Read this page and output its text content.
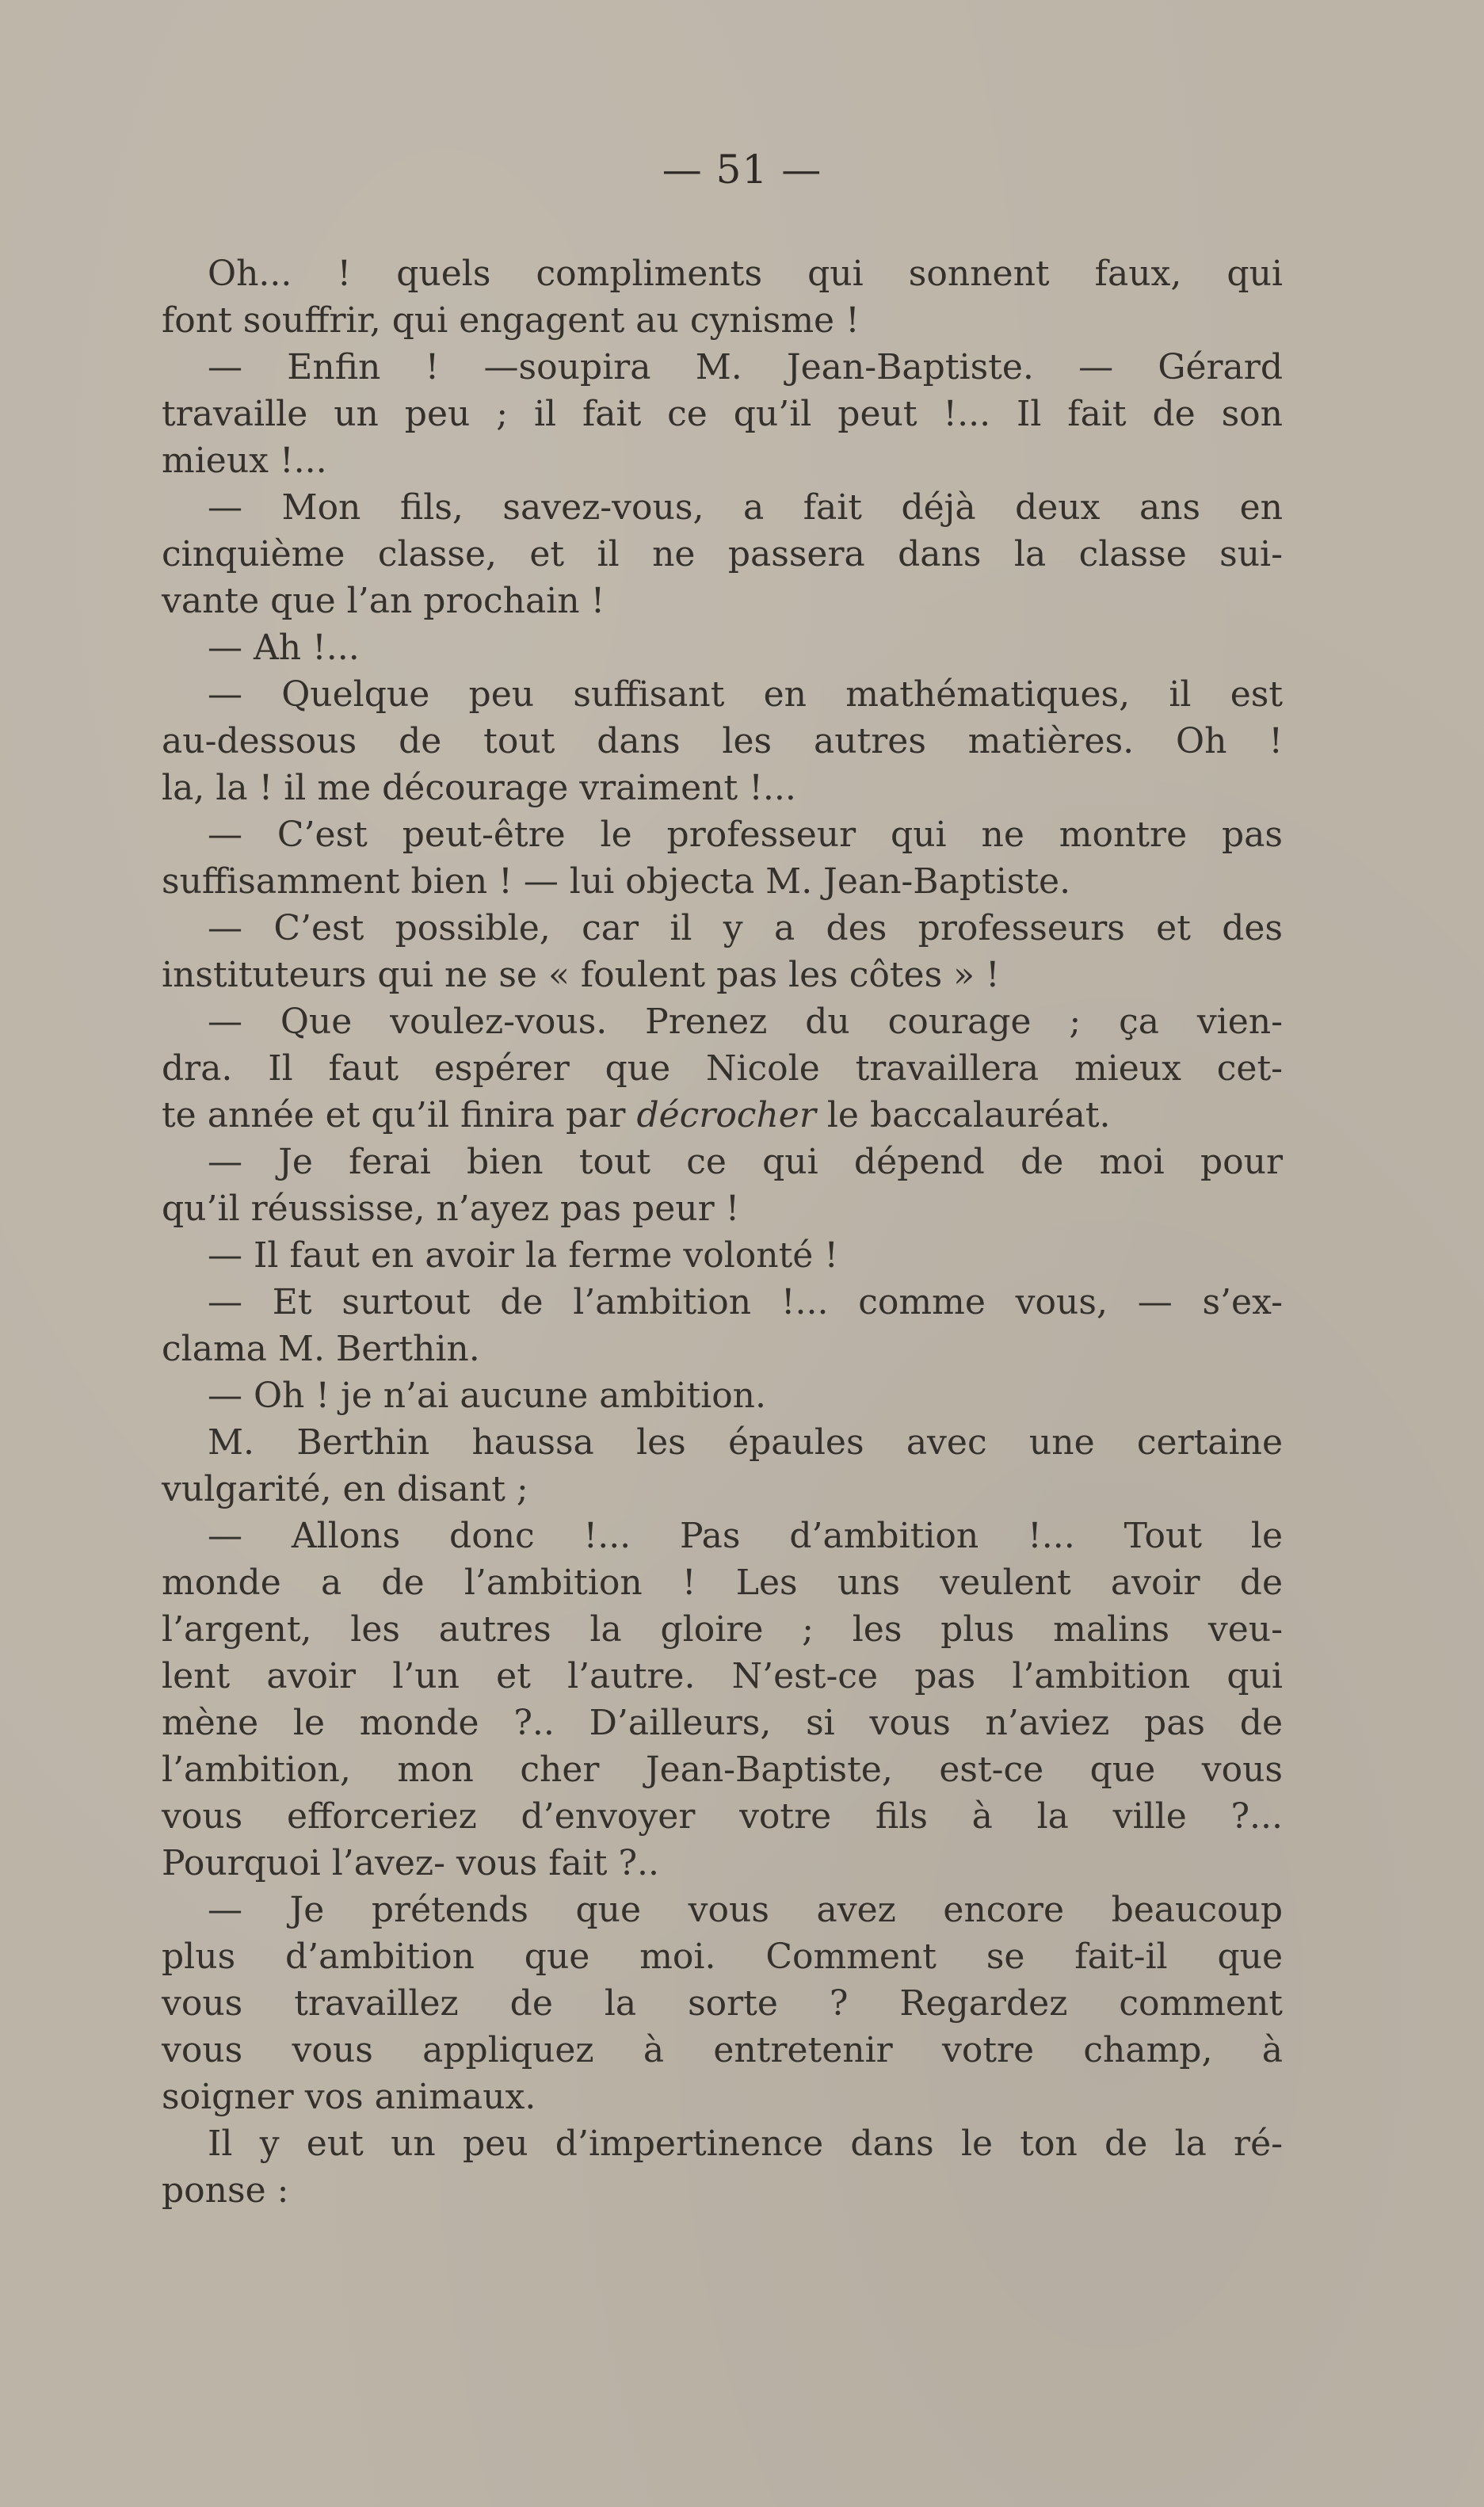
— 51 —
Oh... ! quels compliments qui sonnent faux, qui
font souffrir, qui engagent au cynisme !
— Enfin ! —soupira M. Jean-Baptiste. — Gérard
travaille un peu ; il fait ce qu’il peut !... Il fait de son
mieux !...
— Mon fils, savez-vous, a fait déjà deux ans en
cinquième classe, et il ne passera dans la classe sui-
vante que l’an prochain !
— Ah !...
— Quelque peu suffisant en mathématiques, il est
au-dessous de tout dans les autres matières. Oh !
la, la ! il me décourage vraiment !...
— C’est peut-être le professeur qui ne montre pas
suffisamment bien ! — lui objecta M. Jean-Baptiste.
— C’est possible, car il y a des professeurs et des
instituteurs qui ne se « foulent pas les côtes » !
— Que voulez-vous. Prenez du courage ; ça vien-
dra. Il faut espérer que Nicole travaillera mieux cet-
te année et qu’il finira par décrocher le baccalauréat.
— Je ferai bien tout ce qui dépend de moi pour
qu’il réussisse, n’ayez pas peur !
— Il faut en avoir la ferme volonté !
— Et surtout de l’ambition !... comme vous, — s’ex-
clama M. Berthin.
— Oh ! je n’ai aucune ambition.
M. Berthin haussa les épaules avec une certaine
vulgarité, en disant ;
— Allons donc !... Pas d’ambition !... Tout le
monde a de l’ambition ! Les uns veulent avoir de
l’argent, les autres la gloire ; les plus malins veu-
lent avoir l’un et l’autre. N’est-ce pas l’ambition qui
mène le monde ?.. D’ailleurs, si vous n’aviez pas de
l’ambition, mon cher Jean-Baptiste, est-ce que vous
vous efforceriez d’envoyer votre fils à la ville ?...
Pourquoi l’avez- vous fait ?..
— Je prétends que vous avez encore beaucoup
plus d’ambition que moi. Comment se fait-il que
vous travaillez de la sorte ? Regardez comment
vous vous appliquez à entretenir votre champ, à
soigner vos animaux.
Il y eut un peu d’impertinence dans le ton de la ré-
ponse :
